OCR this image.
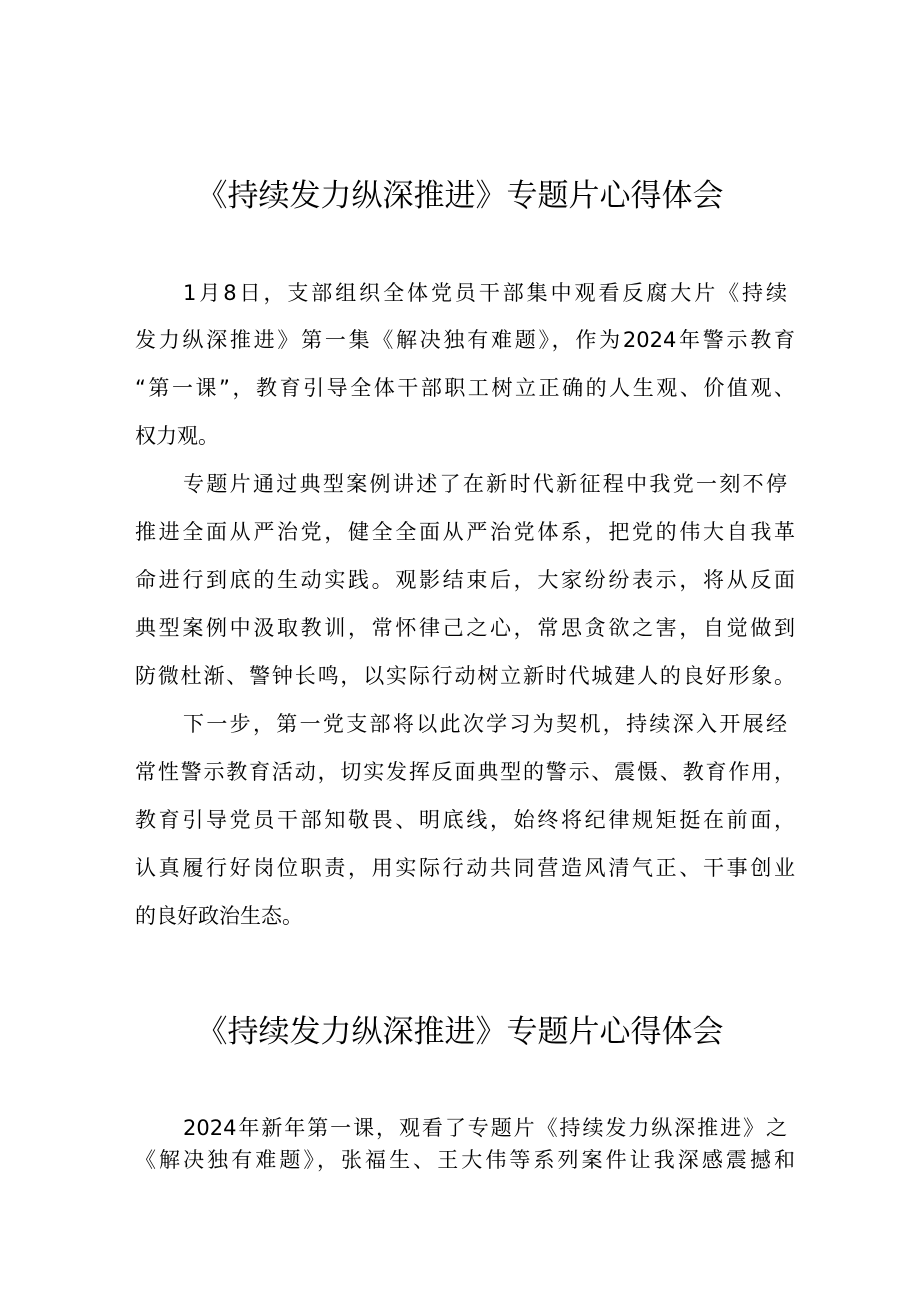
《持续发力纵深推进》专题片心得体会
1月8日，支部组织全体党员干部集中观看反腐大片《持续
发力纵深推进》第一集《解决独有难题》，作为2024年警示教育
“第一课”，教育引导全体干部职工树立正确的人生观、价值观、
权力观。
专题片通过典型案例讲述了在新时代新征程中我党一刻不停
推进全面从严治党，健全全面从严治党体系，把党的伟大自我革
命进行到底的生动实践。观影结束后，大家纷纷表示，将从反面
典型案例中汲取教训，常怀律己之心，常思贪欲之害，自觉做到
防微杜渐、警钟长鸣，以实际行动树立新时代城建人的良好形象。
下一步，第一党支部将以此次学习为契机，持续深入开展经
常性警示教育活动，切实发挥反面典型的警示、震慑、教育作用，
教育引导党员干部知敬畏、明底线，始终将纪律规矩挺在前面，
认真履行好岗位职责，用实际行动共同营造风清气正、干事创业
的良好政治生态。
《持续发力纵深推进》专题片心得体会
2024年新年第一课，观看了专题片《持续发力纵深推进》之
《解决独有难题》，张福生、王大伟等系列案件让我深感震撼和
